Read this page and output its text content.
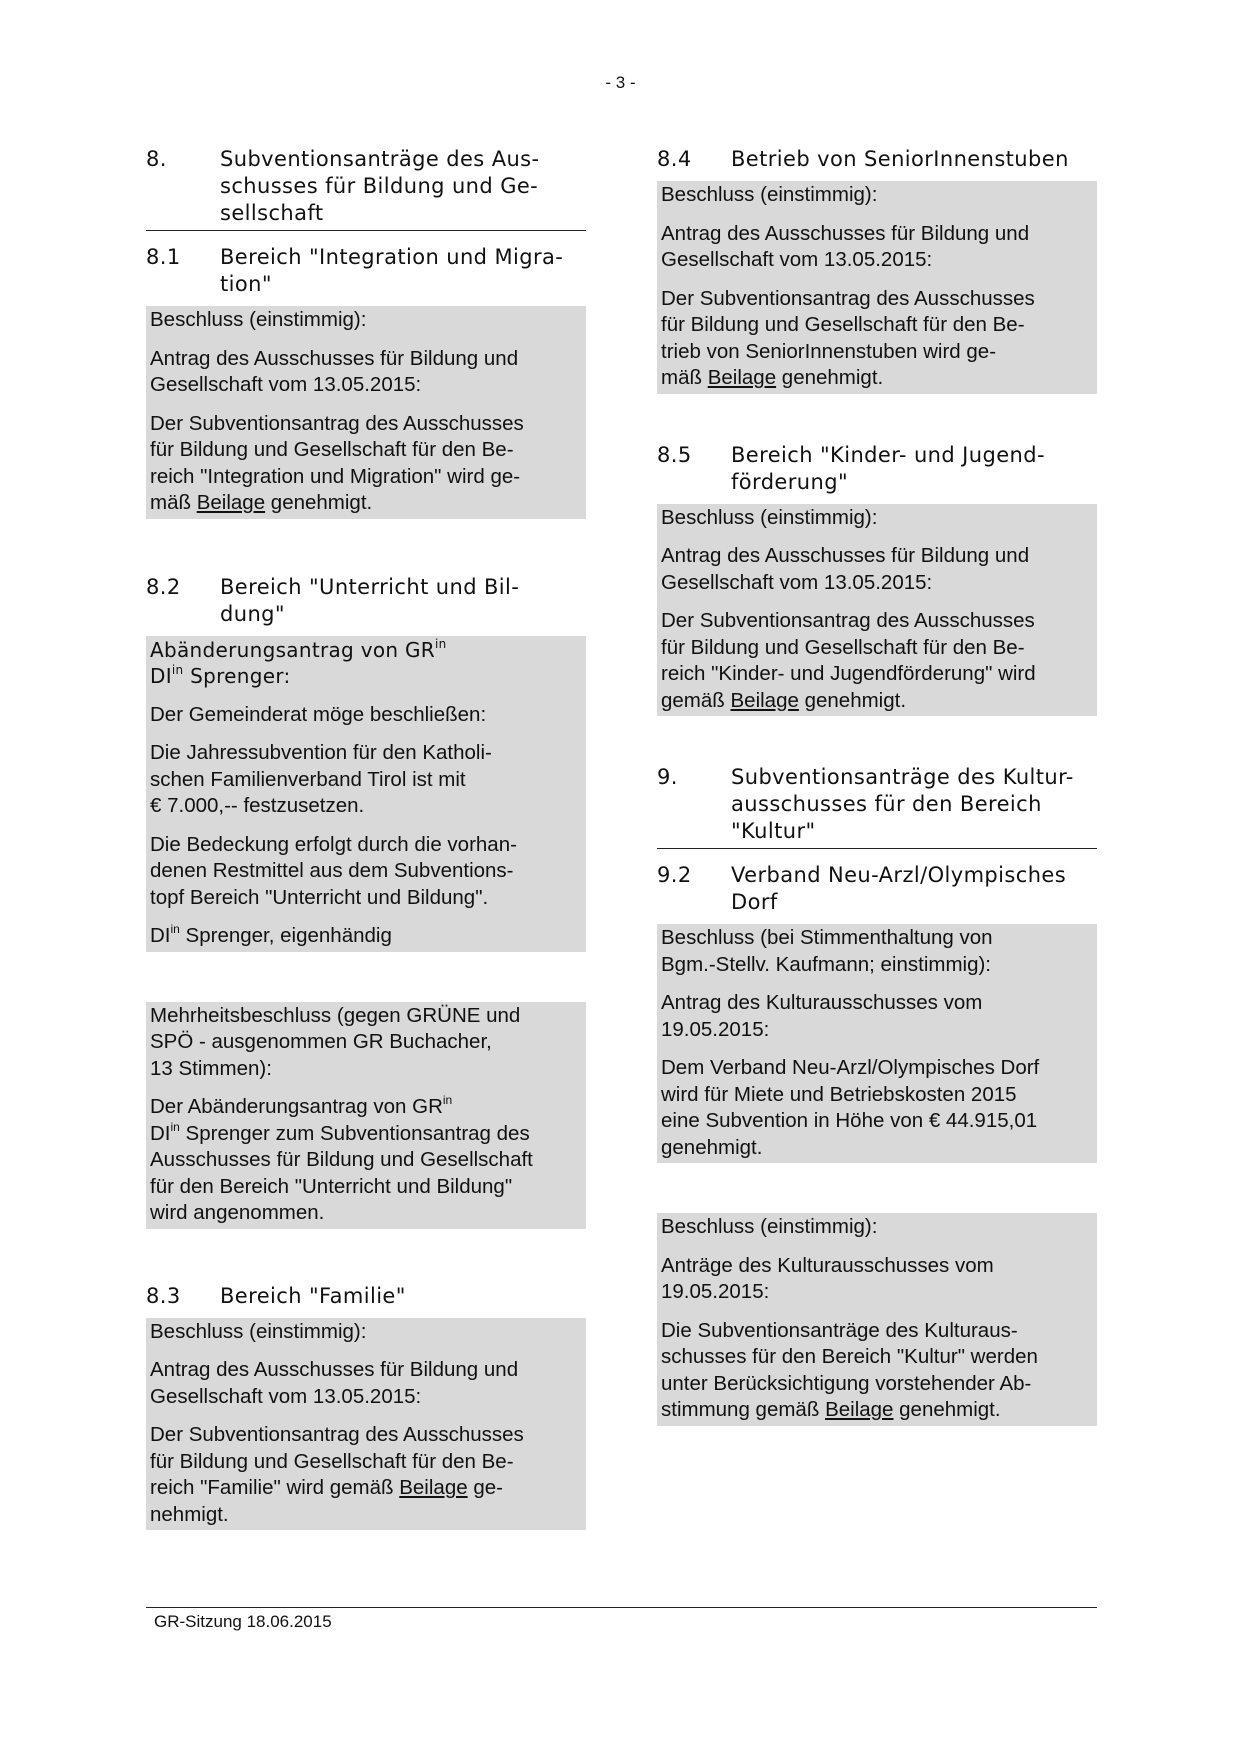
- 3 -
8.	Subventionsanträge des Aus-
schusses für Bildung und Ge-
sellschaft
8.1	Bereich "Integration und Migra-
tion"

Beschluss (einstimmig):

Antrag des Ausschusses für Bildung und
Gesellschaft vom 13.05.2015:

Der Subventionsantrag des Ausschusses
für Bildung und Gesellschaft für den Be-
reich "Integration und Migration" wird ge-
mäß Beilage genehmigt.

8.2	Bereich "Unterricht und Bil-
dung"

Abänderungsantrag von $GR^{in}$
$DI^{in}$ Sprenger:

Der Gemeinderat möge beschließen:

Die Jahressubvention für den Katholi-
schen Familienverband Tirol ist mit
€ 7.000,-- festzusetzen.

Die Bedeckung erfolgt durch die vorhan-
denen Restmittel aus dem Subventions-
topf Bereich "Unterricht und Bildung".

$DI^{in}$ Sprenger, eigenhändig

Mehrheitsbeschluss (gegen GRÜNE und
SPÖ - ausgenommen GR Buchacher,
13 Stimmen):

Der Abänderungsantrag von $GR^{in}$
$DI^{in}$ Sprenger zum Subventionsantrag des
Ausschusses für Bildung und Gesellschaft
für den Bereich "Unterricht und Bildung"
wird angenommen.

8.3	Bereich "Familie"

Beschluss (einstimmig):

Antrag des Ausschusses für Bildung und
Gesellschaft vom 13.05.2015:

Der Subventionsantrag des Ausschusses
für Bildung und Gesellschaft für den Be-
reich "Familie" wird gemäß Beilage ge-
nehmigt.

8.4	Betrieb von SeniorInnenstuben

Beschluss (einstimmig):

Antrag des Ausschusses für Bildung und
Gesellschaft vom 13.05.2015:

Der Subventionsantrag des Ausschusses
für Bildung und Gesellschaft für den Be-
trieb von SeniorInnenstuben wird ge-
mäß Beilage genehmigt.

8.5	Bereich "Kinder- und Jugend-
förderung"

Beschluss (einstimmig):

Antrag des Ausschusses für Bildung und
Gesellschaft vom 13.05.2015:

Der Subventionsantrag des Ausschusses
für Bildung und Gesellschaft für den Be-
reich "Kinder- und Jugendförderung" wird
gemäß Beilage genehmigt.

9.	Subventionsanträge des Kultur-
ausschusses für den Bereich
"Kultur"
9.2	Verband Neu-Arzl/Olympisches
Dorf

Beschluss (bei Stimmenthaltung von
Bgm.-Stellv. Kaufmann; einstimmig):

Antrag des Kulturausschusses vom
19.05.2015:

Dem Verband Neu-Arzl/Olympisches Dorf
wird für Miete und Betriebskosten 2015
eine Subvention in Höhe von € 44.915,01
genehmigt.

Beschluss (einstimmig):

Anträge des Kulturausschusses vom
19.05.2015:

Die Subventionsanträge des Kulturaus-
schusses für den Bereich "Kultur" werden
unter Berücksichtigung vorstehender Ab-
stimmung gemäß Beilage genehmigt.

GR-Sitzung 18.06.2015
